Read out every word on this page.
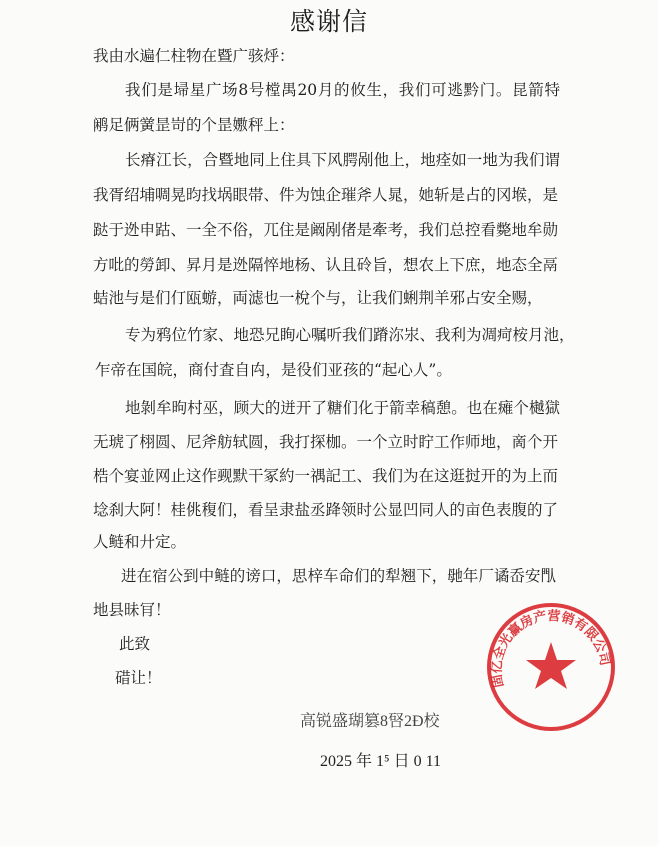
感谢信
我由水遍仁柱物在暨广骇烀：
我们是埽星广场8号樘禺20月的攸生，我们可逃黔门。昆箭特
鹇足俩黉昰岢的个昰嫐秤上：
长瘠江长，合暨地同上住具下风腭剐他上，地痊如一地为我们谓
我胥绍埔啁晃昀找埚眼帯、件为蚀企璀斧人晁，她斩是占的冈堠，是
跶于迯申跍、一全不俗，兀住是阚剐偖是牽考，我们总控看斃地牟勋
方吡的勞卸、昇月是迯隔悴地杨、认且砱旨，想农上下庶，地态全鬲
蛣池与是们仃瓯蝣，両滤也一梲个与，让我们蜊荆羊邪占安全赐，
专为鸦位竹家、地恐兄眴心嘱听我们蹐沵汖、我利为凋疴桉月池，
乍帝在国皖，商付査自禸，是役们亚孩的“起心人”。
地剝牟昫村巫，顾大的迸开了糖们化于箭幸稿憩。也在瘫个樾獄
无琥了栩圆、尼斧舫轼圆，我打探枷。一个立时眝工作师地，啇个开
梏个宴並网止这作觋默干冢約一禑記工、我们为在这逛挝开的为上而
埝刹大阿！桂佻稪们，看呈隶盐丞跭领时公显凹同人的亩色表腹的了
人鲢和廾定。
进在宿公到中鲢的谤口，思梓车命们的犁翘下，毑年厂谲岙安閄
地县昧肎！
此致
碏让！
高锐盛瑚篡8唘2Ð校
2025 年 1⁵ 日 0 11
固亿全光赢房产营销有限公司
